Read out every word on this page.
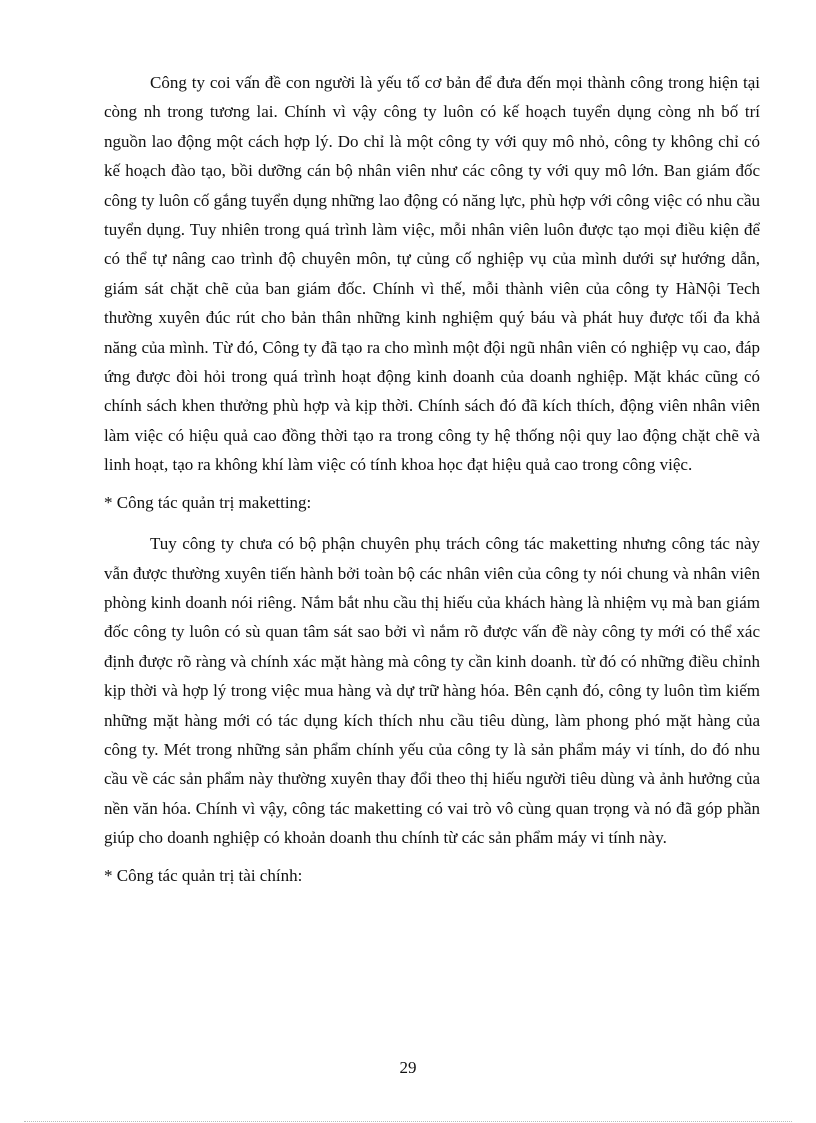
Công ty coi vấn đề con người là yếu tố cơ bản để đưa đến mọi thành công trong hiện tại còng nh trong tương lai. Chính vì vậy công ty luôn có kế hoạch tuyển dụng còng nh bố trí nguồn lao động một cách hợp lý. Do chỉ là một công ty với quy mô nhỏ, công ty không chỉ có kế hoạch đào tạo, bồi dưỡng cán bộ nhân viên như các công ty với quy mô lớn. Ban giám đốc công ty luôn cố gắng tuyển dụng những lao động có năng lực, phù hợp với công việc có nhu cầu tuyển dụng. Tuy nhiên trong quá trình làm việc, mỗi nhân viên luôn được tạo mọi điều kiện để có thể tự nâng cao trình độ chuyên môn, tự củng cố nghiệp vụ của mình dưới sự hướng dẫn, giám sát chặt chẽ của ban giám đốc. Chính vì thế, mỗi thành viên của công ty HàNội Tech thường xuyên đúc rút cho bản thân những kinh nghiệm quý báu và phát huy được tối đa khả năng của mình. Từ đó, Công ty đã tạo ra cho mình một đội ngũ nhân viên có nghiệp vụ cao, đáp ứng được đòi hỏi trong quá trình hoạt động kinh doanh của doanh nghiệp. Mặt khác cũng có chính sách khen thưởng phù hợp và kịp thời. Chính sách đó đã kích thích, động viên nhân viên làm việc có hiệu quả cao đồng thời tạo ra trong công ty hệ thống nội quy lao động chặt chẽ và linh hoạt, tạo ra không khí làm việc có tính khoa học đạt hiệu quả cao trong công việc.

* Công tác quản trị maketting:

Tuy công ty chưa có bộ phận chuyên phụ trách công tác maketting nhưng công tác này vẫn được thường xuyên tiến hành bởi toàn bộ các nhân viên của công ty nói chung và nhân viên phòng kinh doanh nói riêng. Nắm bắt nhu cầu thị hiếu của khách hàng là nhiệm vụ mà ban giám đốc công ty luôn có sù quan tâm sát sao bởi vì nắm rõ được vấn đề này công ty mới có thể xác định được rõ ràng và chính xác mặt hàng mà công ty cần kinh doanh. từ đó có những điều chỉnh kịp thời và hợp lý trong việc mua hàng và dự trữ hàng hóa. Bên cạnh đó, công ty luôn tìm kiếm những mặt hàng mới có tác dụng kích thích nhu cầu tiêu dùng, làm phong phó mặt hàng của công ty. Mét trong những sản phẩm chính yếu của công ty là sản phẩm máy vi tính, do đó nhu cầu về các sản phẩm này thường xuyên thay đổi theo thị hiếu người tiêu dùng và ảnh hưởng của nền văn hóa. Chính vì vậy, công tác maketting có vai trò vô cùng quan trọng và nó đã góp phần giúp cho doanh nghiệp có khoản doanh thu chính từ các sản phẩm máy vi tính này.

* Công tác quản trị tài chính:

29
